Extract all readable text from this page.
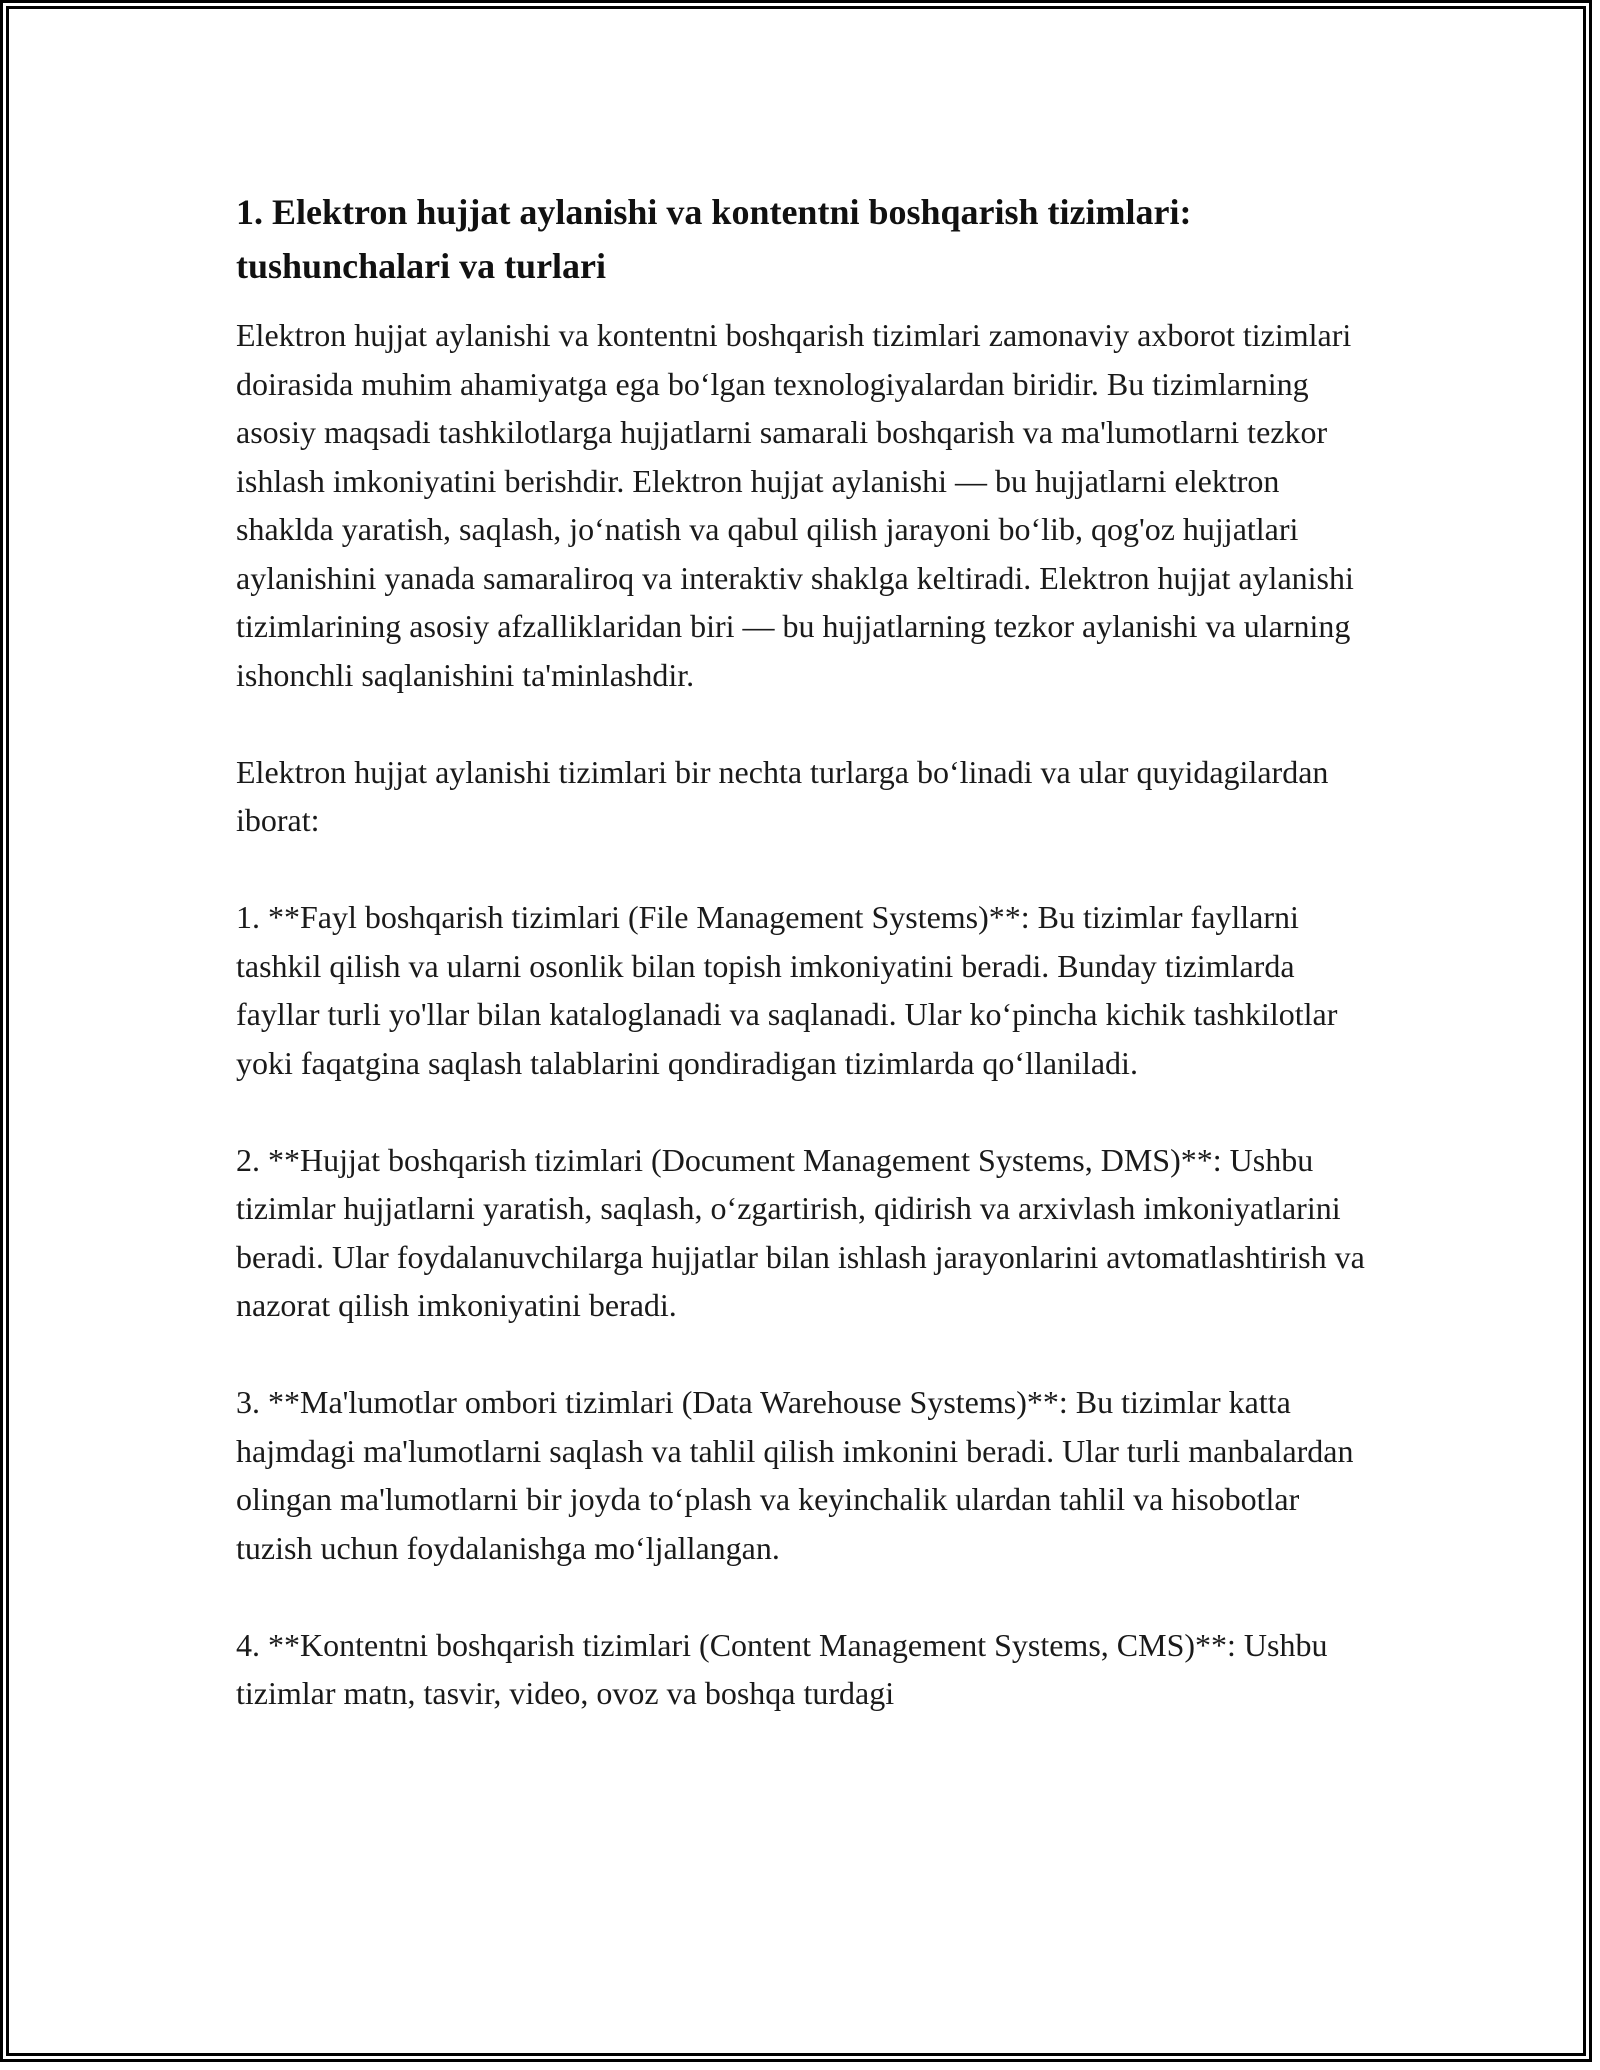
1. Elektron hujjat aylanishi va kontentni boshqarish tizimlari: tushunchalari va turlari

Elektron hujjat aylanishi va kontentni boshqarish tizimlari zamonaviy axborot tizimlari doirasida muhim ahamiyatga ega bo‘lgan texnologiyalardan biridir. Bu tizimlarning asosiy maqsadi tashkilotlarga hujjatlarni samarali boshqarish va ma'lumotlarni tezkor ishlash imkoniyatini berishdir. Elektron hujjat aylanishi — bu hujjatlarni elektron shaklda yaratish, saqlash, jo‘natish va qabul qilish jarayoni bo‘lib, qog'oz hujjatlari aylanishini yanada samaraliroq va interaktiv shaklga keltiradi. Elektron hujjat aylanishi tizimlarining asosiy afzalliklaridan biri — bu hujjatlarning tezkor aylanishi va ularning ishonchli saqlanishini ta'minlashdir.

Elektron hujjat aylanishi tizimlari bir nechta turlarga bo‘linadi va ular quyidagilardan iborat:

1. **Fayl boshqarish tizimlari (File Management Systems)**: Bu tizimlar fayllarni tashkil qilish va ularni osonlik bilan topish imkoniyatini beradi. Bunday tizimlarda fayllar turli yo'llar bilan kataloglanadi va saqlanadi. Ular ko‘pincha kichik tashkilotlar yoki faqatgina saqlash talablarini qondiradigan tizimlarda qo‘llaniladi.

2. **Hujjat boshqarish tizimlari (Document Management Systems, DMS)**: Ushbu tizimlar hujjatlarni yaratish, saqlash, o‘zgartirish, qidirish va arxivlash imkoniyatlarini beradi. Ular foydalanuvchilarga hujjatlar bilan ishlash jarayonlarini avtomatlashtirish va nazorat qilish imkoniyatini beradi.

3. **Ma'lumotlar ombori tizimlari (Data Warehouse Systems)**: Bu tizimlar katta hajmdagi ma'lumotlarni saqlash va tahlil qilish imkonini beradi. Ular turli manbalardan olingan ma'lumotlarni bir joyda to‘plash va keyinchalik ulardan tahlil va hisobotlar tuzish uchun foydalanishga mo‘ljallangan.

4. **Kontentni boshqarish tizimlari (Content Management Systems, CMS)**: Ushbu tizimlar matn, tasvir, video, ovoz va boshqa turdagi
